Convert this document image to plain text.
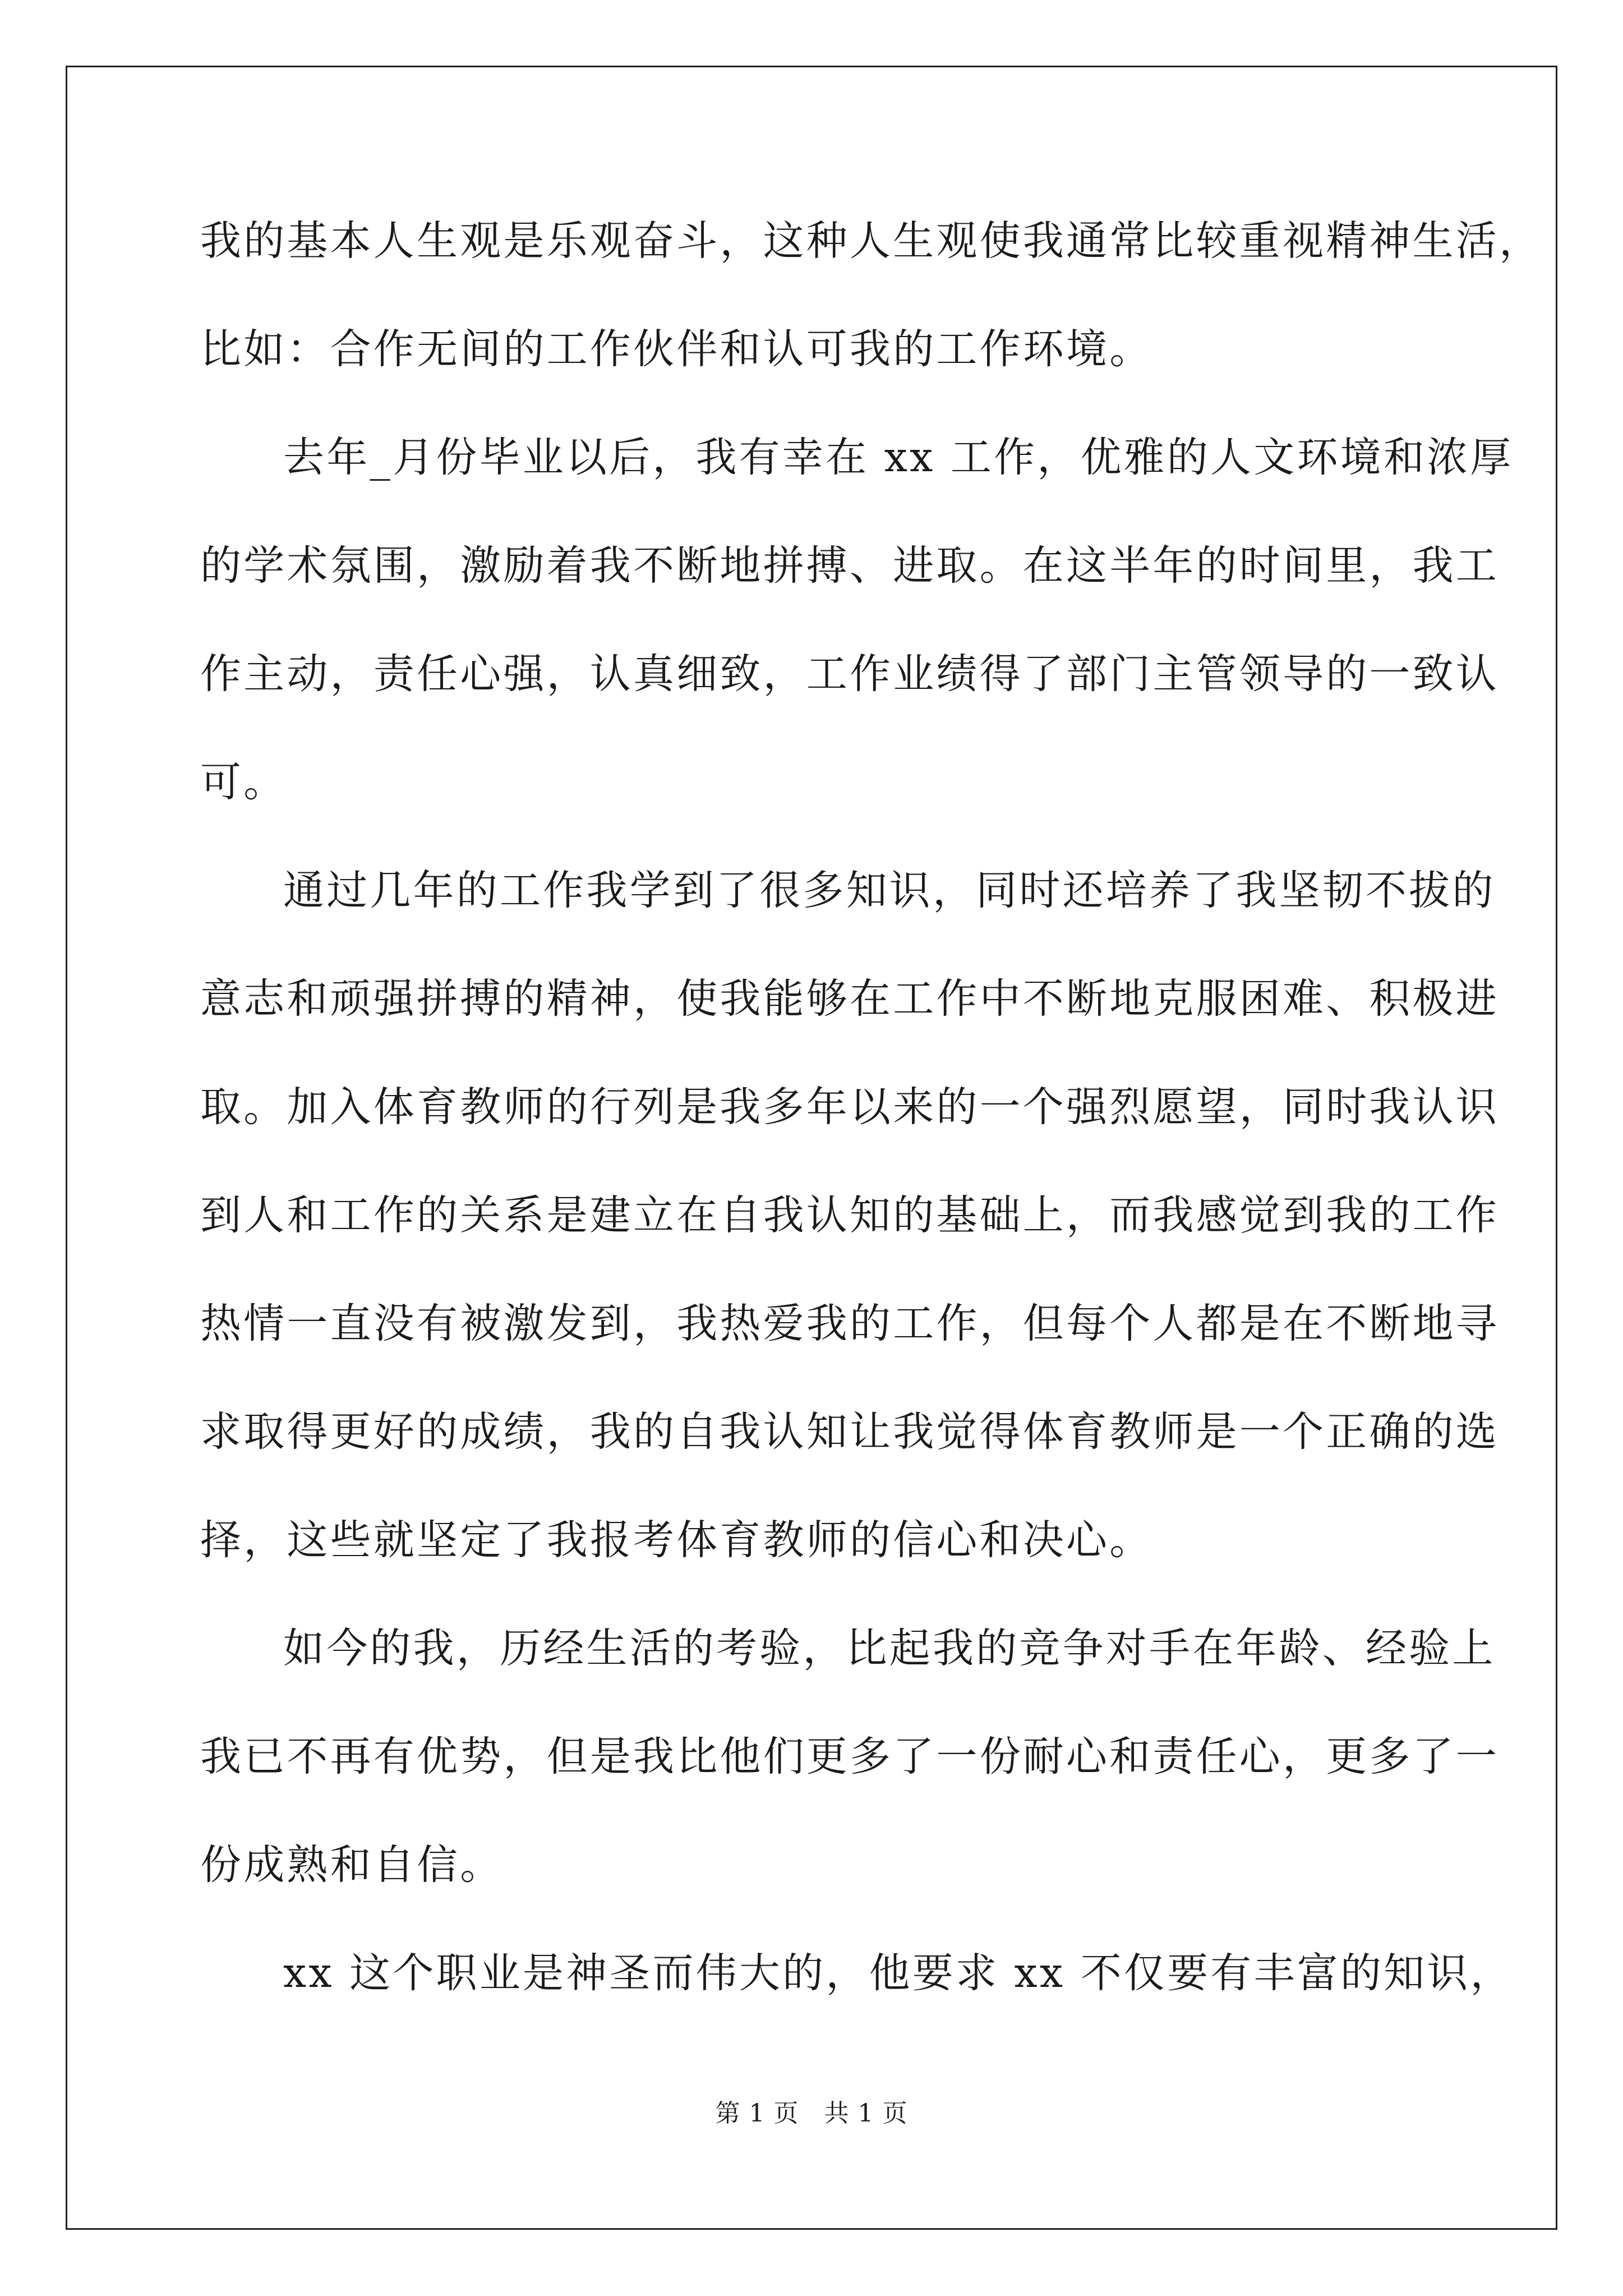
我的基本人生观是乐观奋斗，这种人生观使我通常比较重视精神生活，

比如：合作无间的工作伙伴和认可我的工作环境。

去年_月份毕业以后，我有幸在 xx 工作，优雅的人文环境和浓厚

的学术氛围，激励着我不断地拼搏、进取。在这半年的时间里，我工

作主动，责任心强，认真细致，工作业绩得了部门主管领导的一致认

可。

通过几年的工作我学到了很多知识，同时还培养了我坚韧不拔的

意志和顽强拼搏的精神，使我能够在工作中不断地克服困难、积极进

取。加入体育教师的行列是我多年以来的一个强烈愿望，同时我认识

到人和工作的关系是建立在自我认知的基础上，而我感觉到我的工作

热情一直没有被激发到，我热爱我的工作，但每个人都是在不断地寻

求取得更好的成绩，我的自我认知让我觉得体育教师是一个正确的选

择，这些就坚定了我报考体育教师的信心和决心。

如今的我，历经生活的考验，比起我的竞争对手在年龄、经验上

我已不再有优势，但是我比他们更多了一份耐心和责任心，更多了一

份成熟和自信。

xx 这个职业是神圣而伟大的，他要求 xx 不仅要有丰富的知识，

第 1 页 共 1 页
